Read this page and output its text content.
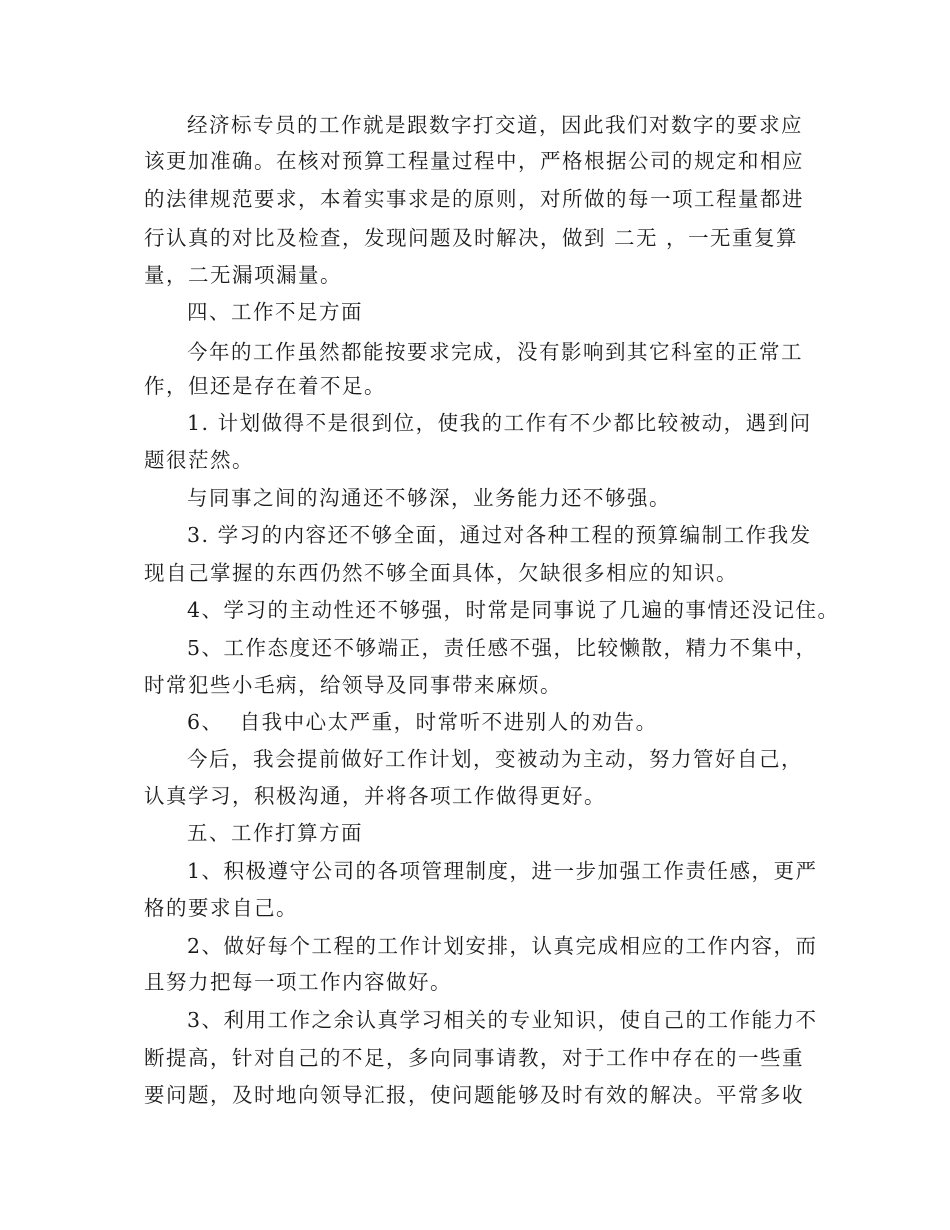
经济标专员的工作就是跟数字打交道，因此我们对数字的要求应
该更加准确。在核对预算工程量过程中，严格根据公司的规定和相应
的法律规范要求，本着实事求是的原则，对所做的每一项工程量都进
行认真的对比及检查，发现问题及时解决，做到 二无 ，一无重复算
量，二无漏项漏量。
四、工作不足方面
今年的工作虽然都能按要求完成，没有影响到其它科室的正常工
作，但还是存在着不足。
1. 计划做得不是很到位，使我的工作有不少都比较被动，遇到问
题很茫然。
与同事之间的沟通还不够深，业务能力还不够强。
3. 学习的内容还不够全面，通过对各种工程的预算编制工作我发
现自己掌握的东西仍然不够全面具体，欠缺很多相应的知识。
4、学习的主动性还不够强，时常是同事说了几遍的事情还没记住。
5、工作态度还不够端正，责任感不强，比较懒散，精力不集中，
时常犯些小毛病，给领导及同事带来麻烦。
6、  自我中心太严重，时常听不进别人的劝告。
今后，我会提前做好工作计划，变被动为主动，努力管好自己，
认真学习，积极沟通，并将各项工作做得更好。
五、工作打算方面
1、积极遵守公司的各项管理制度，进一步加强工作责任感，更严
格的要求自己。
2、做好每个工程的工作计划安排，认真完成相应的工作内容，而
且努力把每一项工作内容做好。
3、利用工作之余认真学习相关的专业知识，使自己的工作能力不
断提高，针对自己的不足，多向同事请教，对于工作中存在的一些重
要问题，及时地向领导汇报，使问题能够及时有效的解决。平常多收
